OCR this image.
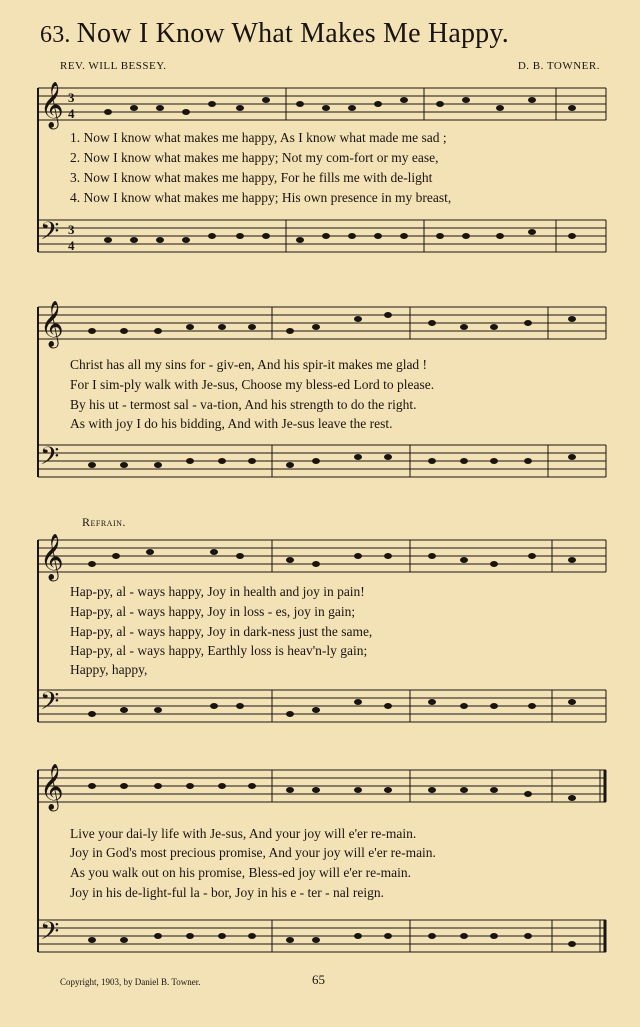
63. Now I Know What Makes Me Happy.
REV. WILL BESSEY.	D. B. TOWNER.
𝄞
𝄢
3
4
3
4
1. Now I know what makes me happy, As I know what made me sad ;
2. Now I know what makes me happy; Not my com-fort or my ease,
3. Now I know what makes me happy, For he fills me with de-light
4. Now I know what makes me happy; His own presence in my breast,
𝄞
𝄢
Christ has all my sins for - giv-en, And his spir-it makes me glad !
For I sim-ply walk with Je-sus, Choose my bless-ed Lord to please.
By his ut - termost sal - va-tion, And his strength to do the right.
As with joy I do his bidding, And with Je-sus leave the rest.
Refrain.
𝄞
𝄢
Hap-py, al - ways happy, Joy in health and joy in pain!
Hap-py, al - ways happy, Joy in loss - es, joy in gain;
Hap-py, al - ways happy, Joy in dark-ness just the same,
Hap-py, al - ways happy, Earthly loss is heav'n-ly gain;
Happy, happy,
𝄞
𝄢
Live your dai-ly life with Je-sus, And your joy will e'er re-main.
Joy in God's most precious promise, And your joy will e'er re-main.
As you walk out on his promise, Bless-ed joy will e'er re-main.
Joy in his de-light-ful la - bor, Joy in his e - ter - nal reign.
Copyright, 1903, by Daniel B. Towner.	65
